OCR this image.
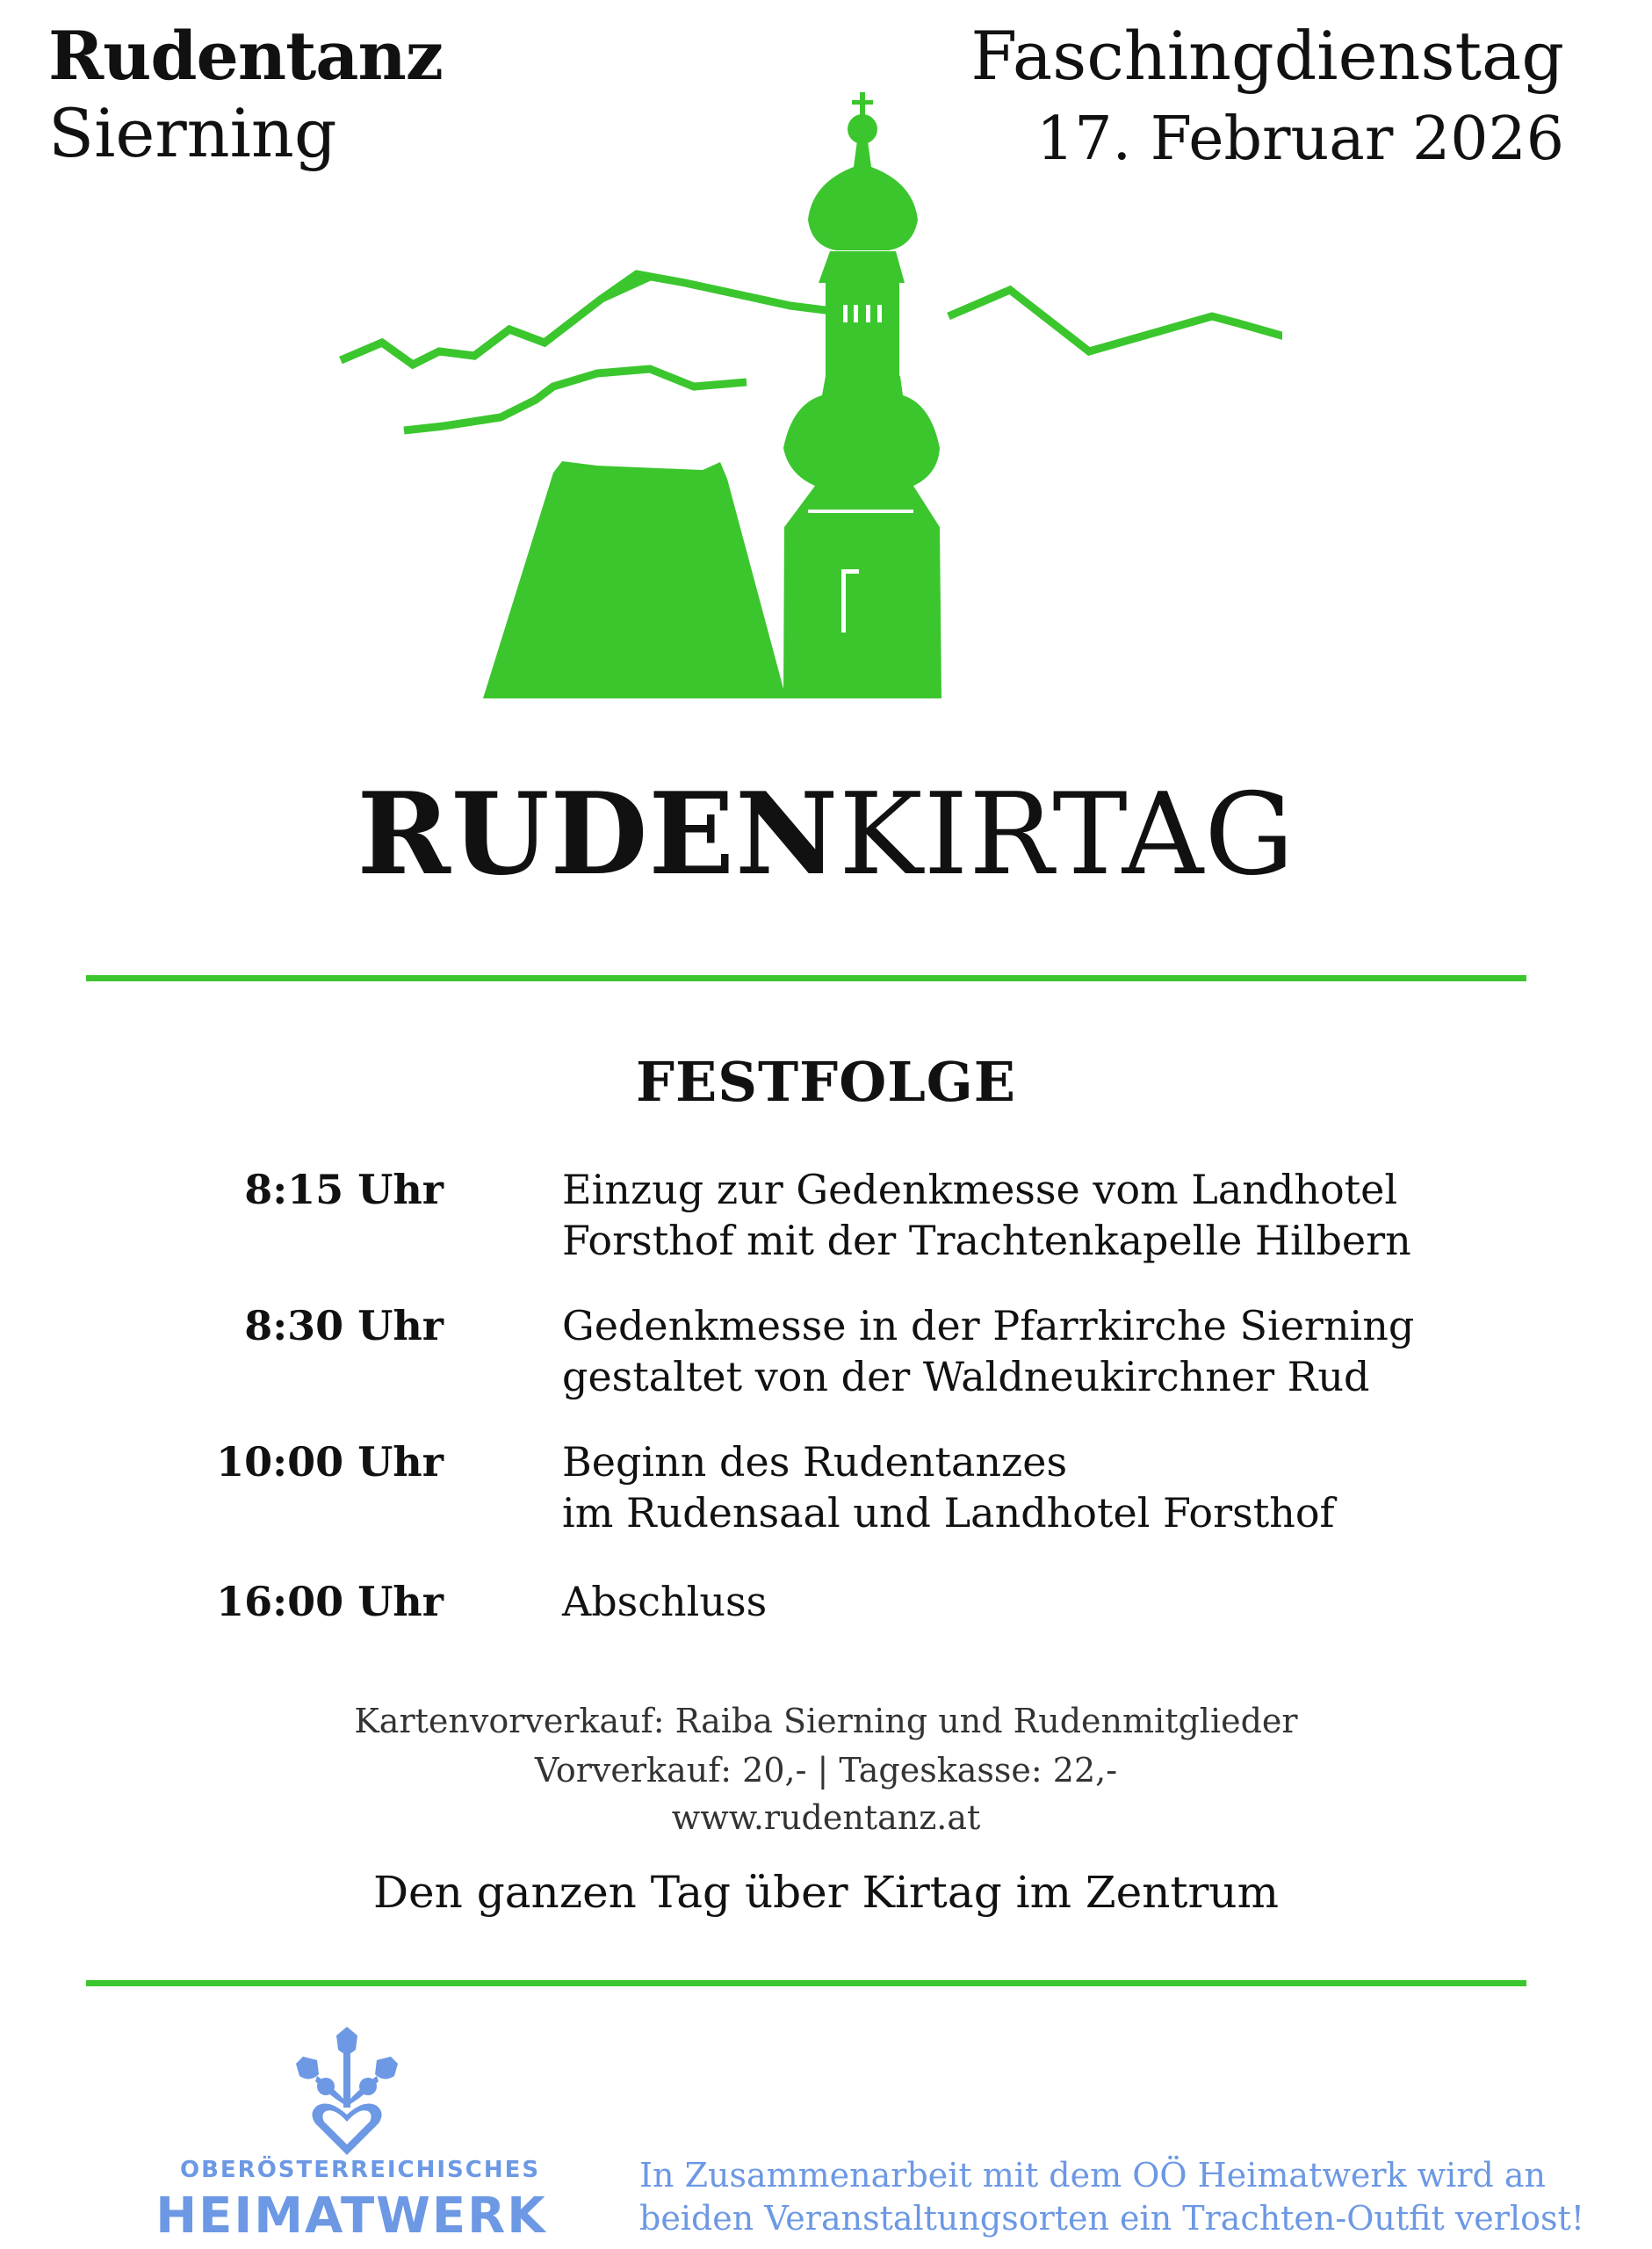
Rudentanz
Sierning
Faschingdienstag
17. Februar 2026
RUDENKIRTAG
FESTFOLGE
8:15 Uhr	Einzug zur Gedenkmesse vom Landhotel
Forsthof mit der Trachtenkapelle Hilbern
8:30 Uhr	Gedenkmesse in der Pfarrkirche Sierning
gestaltet von der Waldneukirchner Rud
10:00 Uhr	Beginn des Rudentanzes
im Rudensaal und Landhotel Forsthof
16:00 Uhr	Abschluss
Kartenvorverkauf: Raiba Sierning und Rudenmitglieder
Vorverkauf: 20,- | Tageskasse: 22,-
www.rudentanz.at
Den ganzen Tag über Kirtag im Zentrum
OBERÖSTERREICHISCHES
HEIMATWERK
In Zusammenarbeit mit dem OÖ Heimatwerk wird an
beiden Veranstaltungsorten ein Trachten-Outfit verlost!
